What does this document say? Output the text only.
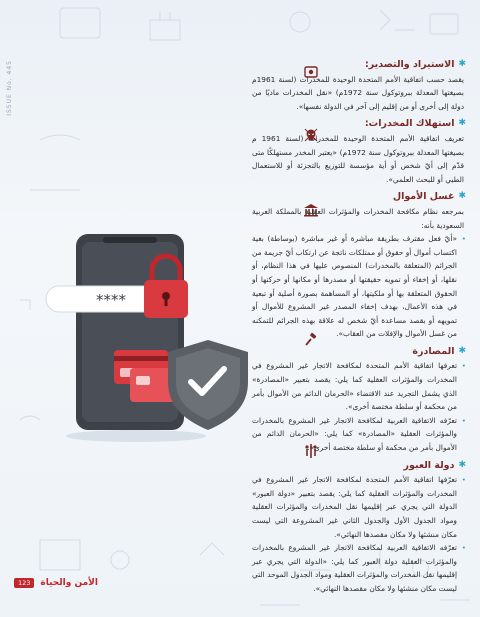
ISSUE No. 445
****
✱
الاستيراد والتصدير:

يقصد حسب اتفاقية الأمم المتحدة الوحيدة للمخدرات (لسنة 1961م بصيغتها المعدلة ببروتوكول سنة 1972م) «نقل المخدرات ماديًا من دولة إلى أخرى أو من إقليم إلى آخر في الدولة نفسها».

✱
استهلاك المخدرات:

تعريف اتفاقية الأمم المتحدة الوحيدة للمخدرات (لسنة 1961 م بصيغتها المعدلة ببروتوكول سنة 1972م) «يعتبر المخدر مستهلكًا متى قدّم إلى أيّ شخص أو أية مؤسسة للتوزيع بالتجزئة أو للاستعمال الطبي أو للبحث العلمي».

✱
غسل الأموال

بمرجعه نظام مكافحة المخدرات والمؤثرات العقلية بالمملكة العربية السعودية بأنه:

• «أيّ فعل مقترف بطريقة مباشرة أو غير مباشرة (بوساطة) بغية اكتساب أموال أو حقوق أو ممتلكات ناتجة عن ارتكاب أيّ جريمة من الجرائم (المتعلقة بالمخدرات) المنصوص عليها في هذا النظام، أو نقلها، أو إخفاء أو تمويه حقيقتها أو مصدرها أو مكانها أو حركتها أو الحقوق المتعلقة بها أو ملكيتها، أو المساهمة بصورة أصلية أو تبعية في هذه الأعمال، بهدف إخفاء المصدر غير المشروع للأموال أو تمويهه أو بقصد مساعدة أيّ شخص له علاقة بهذه الجرائم للتمكنه من غسل الأموال والإفلات من العقاب».

✱
المصادرة

• تعرفها اتفاقية الأمم المتحدة لمكافحة الاتجار غير المشروع في المخدرات والمؤثرات العقلية كما يلي: يقصد بتعبير «المصادرة» الذي يشمل التجريد عند الاقتضاء «الحرمان الدائم من الأموال بأمر من محكمة أو سلطة مختصة أخرى».

• تعرّفه الاتفاقية العربية لمكافحة الاتجار غير المشروع بالمخدرات والمؤثرات العقلية «المصادرة» كما يلي: «الحرمان الدائم من الأموال بأمر من محكمة أو سلطة مختصة أخرى».

✱
دولة العبور

• تعرّفها اتفاقية الأمم المتحدة لمكافحة الاتجار غير المشروع في المخدرات والمؤثرات العقلية كما يلي: يقصد بتعبير «دولة العبور» الدولة التي يجري عبر إقليمها نقل المخدرات والمؤثرات العقلية ومواد الجدول الأول والجدول الثاني غير المشروعة التي ليست مكان منشئها ولا مكان مقصدها النهائي».

• تعرّفه الاتفاقية العربية لمكافحة الاتجار غير المشروع بالمخدرات والمؤثرات العقلية دولة العبور كما يلي: «الدولة التي يجري عبر إقليمها نقل المخدرات والمؤثرات العقلية ومواد الجدول الموحد التي ليست مكان منشئها ولا مكان مقصدها النهائي».

123	الأمن والحياة
